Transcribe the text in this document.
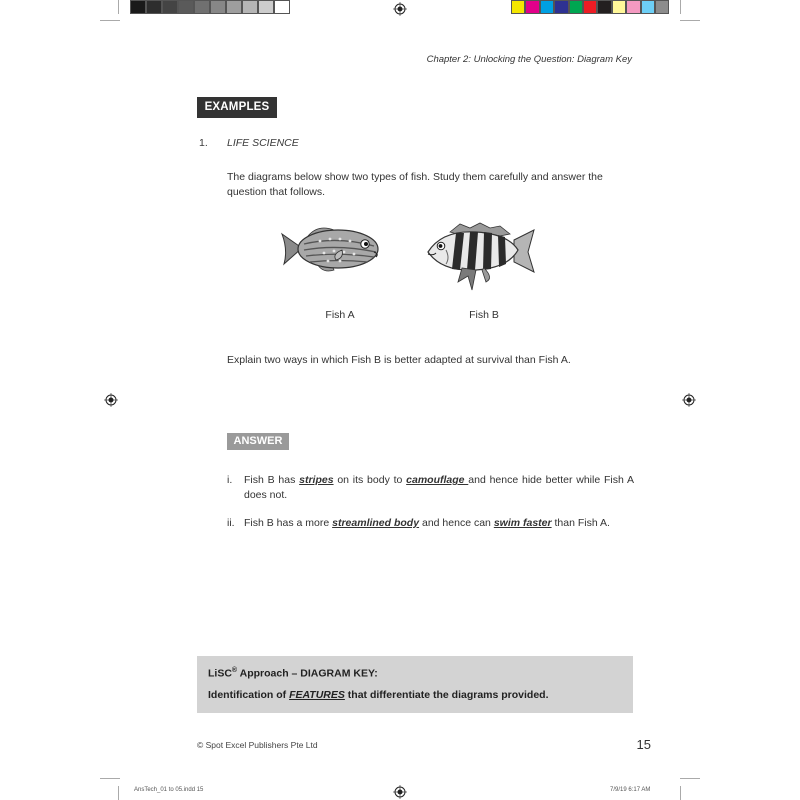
Chapter 2: Unlocking the Question: Diagram Key
EXAMPLES
1. LIFE SCIENCE
The diagrams below show two types of fish. Study them carefully and answer the
question that follows.
Fish A	Fish B
Explain two ways in which Fish B is better adapted at survival than Fish A.
ANSWER
i. Fish B has stripes on its body to camouflage and hence hide better while Fish A does not.
ii. Fish B has a more streamlined body and hence can swim faster than Fish A.
LiSC® Approach – DIAGRAM KEY:
Identification of FEATURES that differentiate the diagrams provided.
© Spot Excel Publishers Pte Ltd	15
AnsTech_01 to 05.indd 15	7/9/19 6:17 AM
